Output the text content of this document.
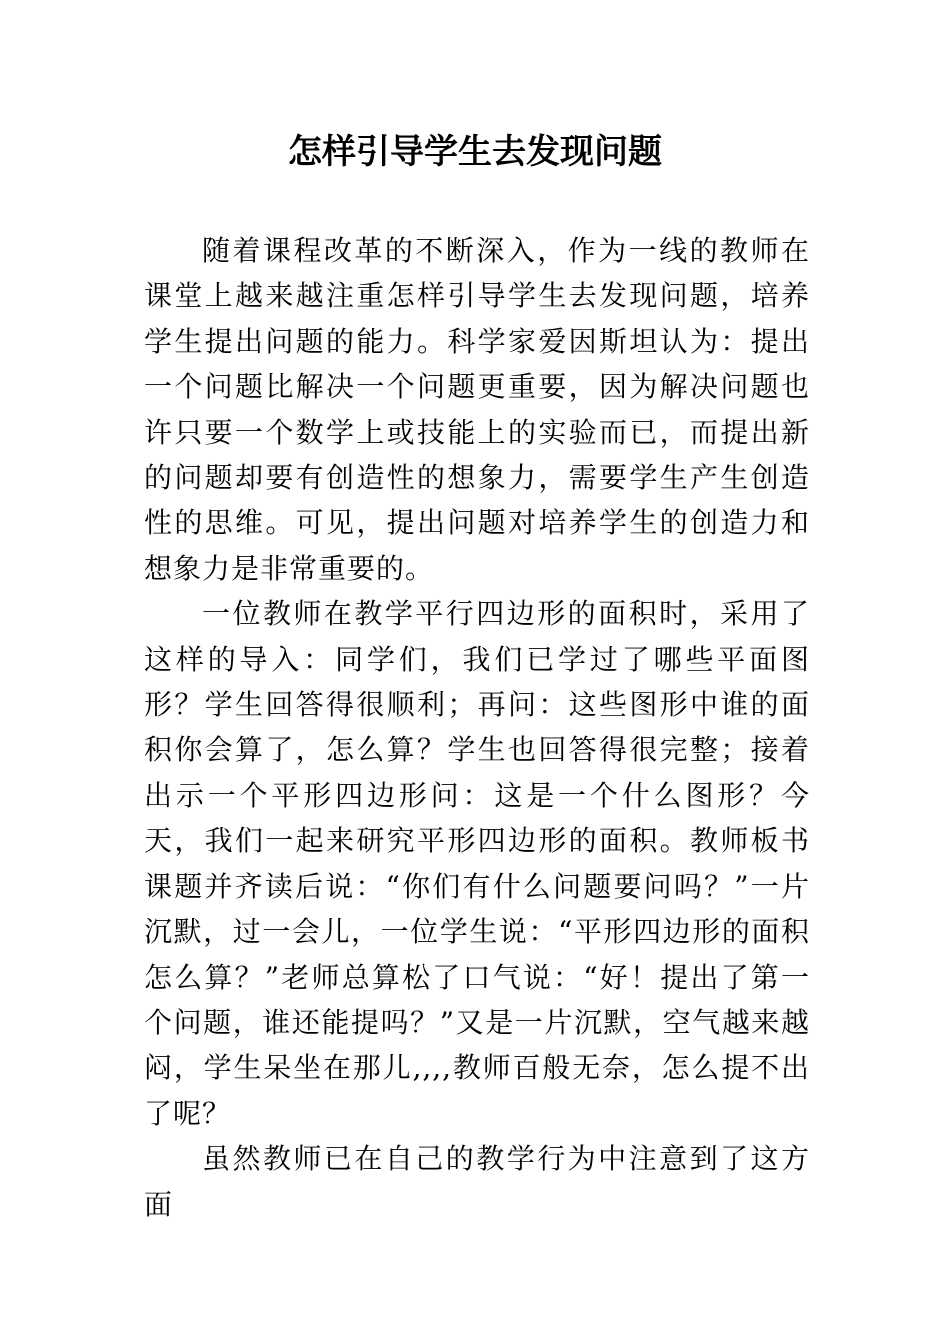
怎样引导学生去发现问题

随着课程改革的不断深入，作为一线的教师在课堂上越来越注重怎样引导学生去发现问题，培养学生提出问题的能力。科学家爱因斯坦认为：提出一个问题比解决一个问题更重要，因为解决问题也许只要一个数学上或技能上的实验而已，而提出新的问题却要有创造性的想象力，需要学生产生创造性的思维。可见，提出问题对培养学生的创造力和想象力是非常重要的。

一位教师在教学平行四边形的面积时，采用了这样的导入：同学们，我们已学过了哪些平面图形？学生回答得很顺利；再问：这些图形中谁的面积你会算了，怎么算？学生也回答得很完整；接着出示一个平形四边形问：这是一个什么图形？今天，我们一起来研究平形四边形的面积。教师板书课题并齐读后说：“你们有什么问题要问吗？”一片沉默，过一会儿，一位学生说：“平形四边形的面积怎么算？”老师总算松了口气说：“好！提出了第一个问题，谁还能提吗？”又是一片沉默，空气越来越闷，学生呆坐在那儿,,,,教师百般无奈，怎么提不出了呢？

虽然教师已在自己的教学行为中注意到了这方面
